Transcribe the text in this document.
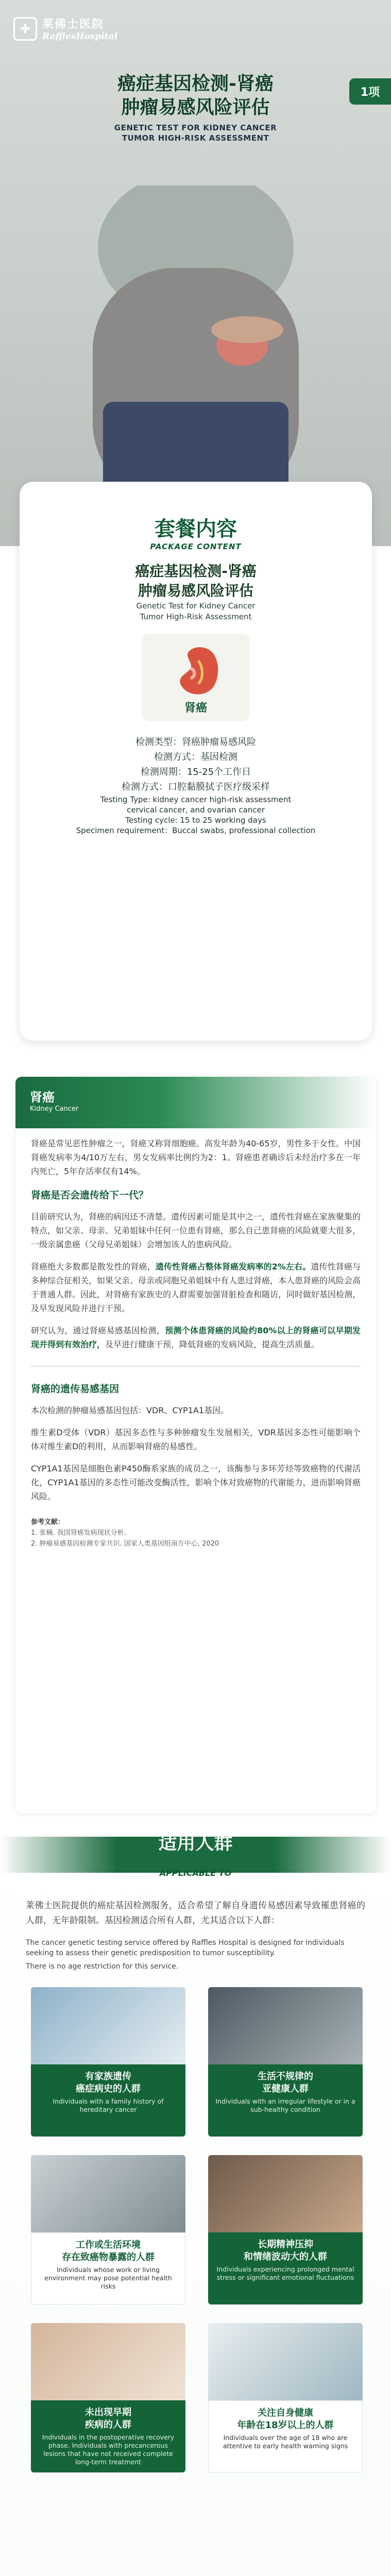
✚	莱佛士医院
RafflesHospital
1项
癌症基因检测-肾癌
肿瘤易感风险评估

GENETIC TEST FOR KIDNEY CANCER

TUMOR HIGH-RISK ASSESSMENT

套餐内容
PACKAGE CONTENT
癌症基因检测-肾癌
肿瘤易感风险评估
Genetic Test for Kidney Cancer
Tumor High-Risk Assessment
肾癌
检测类型：肾癌肿瘤易感风险
检测方式：基因检测
检测周期：15-25个工作日
检测方式：口腔黏膜拭子医疗级采样
Testing Type: kidney cancer high-risk assessment
cervical cancer, and ovarian cancer
Testing cycle: 15 to 25 working days
Specimen requirement：Buccal swabs, professional collection
肾癌
Kidney Cancer
肾癌是常见恶性肿瘤之一，肾癌又称肾细胞癌。高发年龄为40-65岁，男性多于女性。中国肾癌发病率为4/10万左右，男女发病率比例约为2：1。肾癌患者确诊后未经治疗多在一年内死亡，5年存活率仅有14%。
肾癌是否会遗传给下一代？
目前研究认为，肾癌的病因还不清楚。遗传因素可能是其中之一，遗传性肾癌在家族聚集的特点，如父亲、母亲、兄弟姐妹中任何一位患有肾癌，那么自己患肾癌的风险就要大很多，一级亲属患癌（父母兄弟姐妹）会增加该人的患病风险。
肾癌绝大多数都是散发性的肾癌，遗传性肾癌占整体肾癌发病率的2%左右。遗传性肾癌与多种综合征相关，如果父亲、母亲或同胞兄弟姐妹中有人患过肾癌，本人患肾癌的风险会高于普通人群。因此，对肾癌有家族史的人群需要加强肾脏检查和随访，同时做好基因检测，及早发现风险并进行干预。
研究认为，通过肾癌易感基因检测，预测个体患肾癌的风险约80%以上的肾癌可以早期发现并得到有效治疗，及早进行健康干预，降低肾癌的发病风险，提高生活质量。
肾癌的遗传易感基因
本次检测的肿瘤易感基因包括：VDR、CYP1A1基因。
维生素D受体（VDR）基因多态性与多种肿瘤发生发展相关，VDR基因多态性可能影响个体对维生素D的利用，从而影响肾癌的易感性。
CYP1A1基因是细胞色素P450酶系家族的成员之一，该酶参与多环芳烃等致癌物的代谢活化，CYP1A1基因的多态性可能改变酶活性，影响个体对致癌物的代谢能力，进而影响肾癌风险。
参考文献：
1. 张楠. 我国肾癌发病现状分析.
2. 肿瘤易感基因检测专家共识. 国家人类基因组南方中心, 2020
适用人群
APPLICABLE TO
莱佛士医院提供的癌症基因检测服务，适合希望了解自身遗传易感因素导致罹患肾癌的人群，无年龄限制。基因检测适合所有人群，尤其适合以下人群：
The cancer genetic testing service offered by Raffles Hospital is designed for individuals seeking to assess their genetic predisposition to tumor susceptibility.
There is no age restriction for this service.
有家族遗传
癌症病史的人群
Individuals with a family history of hereditary cancer
生活不规律的
亚健康人群
Individuals with an irregular lifestyle or in a sub-healthy condition
工作或生活环境
存在致癌物暴露的人群
Individuals whose work or living environment may pose potential health risks
长期精神压抑
和情绪波动大的人群
Individuals experiencing prolonged mental stress or significant emotional fluctuations
未出现早期
疾病的人群
Individuals in the postoperative recovery phase. Individuals with precancerous lesions that have not received complete long-term treatment
关注自身健康
年龄在18岁以上的人群
Individuals over the age of 18 who are attentive to early health warning signs
